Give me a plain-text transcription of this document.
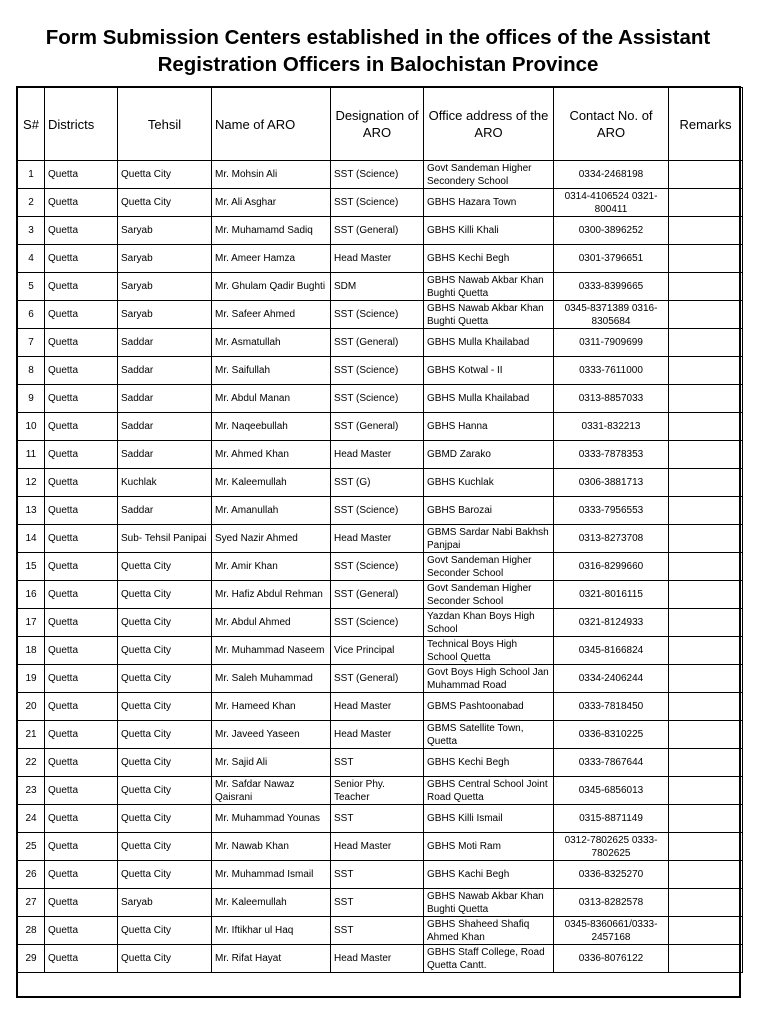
Form Submission Centers established in the offices of the Assistant
Registration Officers in Balochistan Province
S#	Districts	Tehsil	Name of ARO	Designation of ARO	Office address of the ARO	Contact No. of ARO	Remarks
1	Quetta	Quetta City	Mr. Mohsin Ali	SST (Science)	Govt Sandeman Higher Secondery School	0334-2468198	
2	Quetta	Quetta City	Mr. Ali Asghar	SST (Science)	GBHS Hazara Town	0314-4106524 0321-800411	
3	Quetta	Saryab	Mr. Muhamamd Sadiq	SST (General)	GBHS Killi Khali	0300-3896252	
4	Quetta	Saryab	Mr. Ameer Hamza	Head Master	GBHS Kechi Begh	0301-3796651	
5	Quetta	Saryab	Mr. Ghulam Qadir Bughti	SDM	GBHS Nawab Akbar Khan Bughti Quetta	0333-8399665	
6	Quetta	Saryab	Mr. Safeer Ahmed	SST (Science)	GBHS Nawab Akbar Khan Bughti Quetta	0345-8371389 0316-8305684	
7	Quetta	Saddar	Mr. Asmatullah	SST (General)	GBHS Mulla Khailabad	0311-7909699	
8	Quetta	Saddar	Mr. Saifullah	SST (Science)	GBHS Kotwal - II	0333-7611000	
9	Quetta	Saddar	Mr. Abdul Manan	SST (Science)	GBHS Mulla Khailabad	0313-8857033	
10	Quetta	Saddar	Mr. Naqeebullah	SST (General)	GBHS Hanna	0331-832213	
11	Quetta	Saddar	Mr. Ahmed Khan	Head Master	GBMD Zarako	0333-7878353	
12	Quetta	Kuchlak	Mr. Kaleemullah	SST (G)	GBHS Kuchlak	0306-3881713	
13	Quetta	Saddar	Mr. Amanullah	SST (Science)	GBHS Barozai	0333-7956553	
14	Quetta	Sub- Tehsil Panipai	Syed Nazir Ahmed	Head Master	GBMS Sardar Nabi Bakhsh Panjpai	0313-8273708	
15	Quetta	Quetta City	Mr. Amir Khan	SST (Science)	Govt Sandeman Higher Seconder School	0316-8299660	
16	Quetta	Quetta City	Mr. Hafiz Abdul Rehman	SST (General)	Govt Sandeman Higher Seconder School	0321-8016115	
17	Quetta	Quetta City	Mr. Abdul Ahmed	SST (Science)	Yazdan Khan Boys High School	0321-8124933	
18	Quetta	Quetta City	Mr. Muhammad Naseem	Vice Principal	Technical Boys High School Quetta	0345-8166824	
19	Quetta	Quetta City	Mr. Saleh Muhammad	SST (General)	Govt Boys High School Jan Muhammad Road	0334-2406244	
20	Quetta	Quetta City	Mr. Hameed Khan	Head Master	GBMS Pashtoonabad	0333-7818450	
21	Quetta	Quetta City	Mr. Javeed Yaseen	Head Master	GBMS Satellite Town, Quetta	0336-8310225	
22	Quetta	Quetta City	Mr. Sajid Ali	SST	GBHS Kechi Begh	0333-7867644	
23	Quetta	Quetta City	Mr. Safdar Nawaz Qaisrani	Senior Phy. Teacher	GBHS Central School Joint Road Quetta	0345-6856013	
24	Quetta	Quetta City	Mr. Muhammad Younas	SST	GBHS Killi Ismail	0315-8871149	
25	Quetta	Quetta City	Mr. Nawab Khan	Head Master	GBHS Moti Ram	0312-7802625 0333-7802625	
26	Quetta	Quetta City	Mr. Muhammad Ismail	SST	GBHS Kachi Begh	0336-8325270	
27	Quetta	Saryab	Mr. Kaleemullah	SST	GBHS Nawab Akbar Khan Bughti Quetta	0313-8282578	
28	Quetta	Quetta City	Mr. Iftikhar ul Haq	SST	GBHS Shaheed Shafiq Ahmed Khan	0345-8360661/0333-2457168	
29	Quetta	Quetta City	Mr. Rifat Hayat	Head Master	GBHS Staff College, Road Quetta Cantt.	0336-8076122	
